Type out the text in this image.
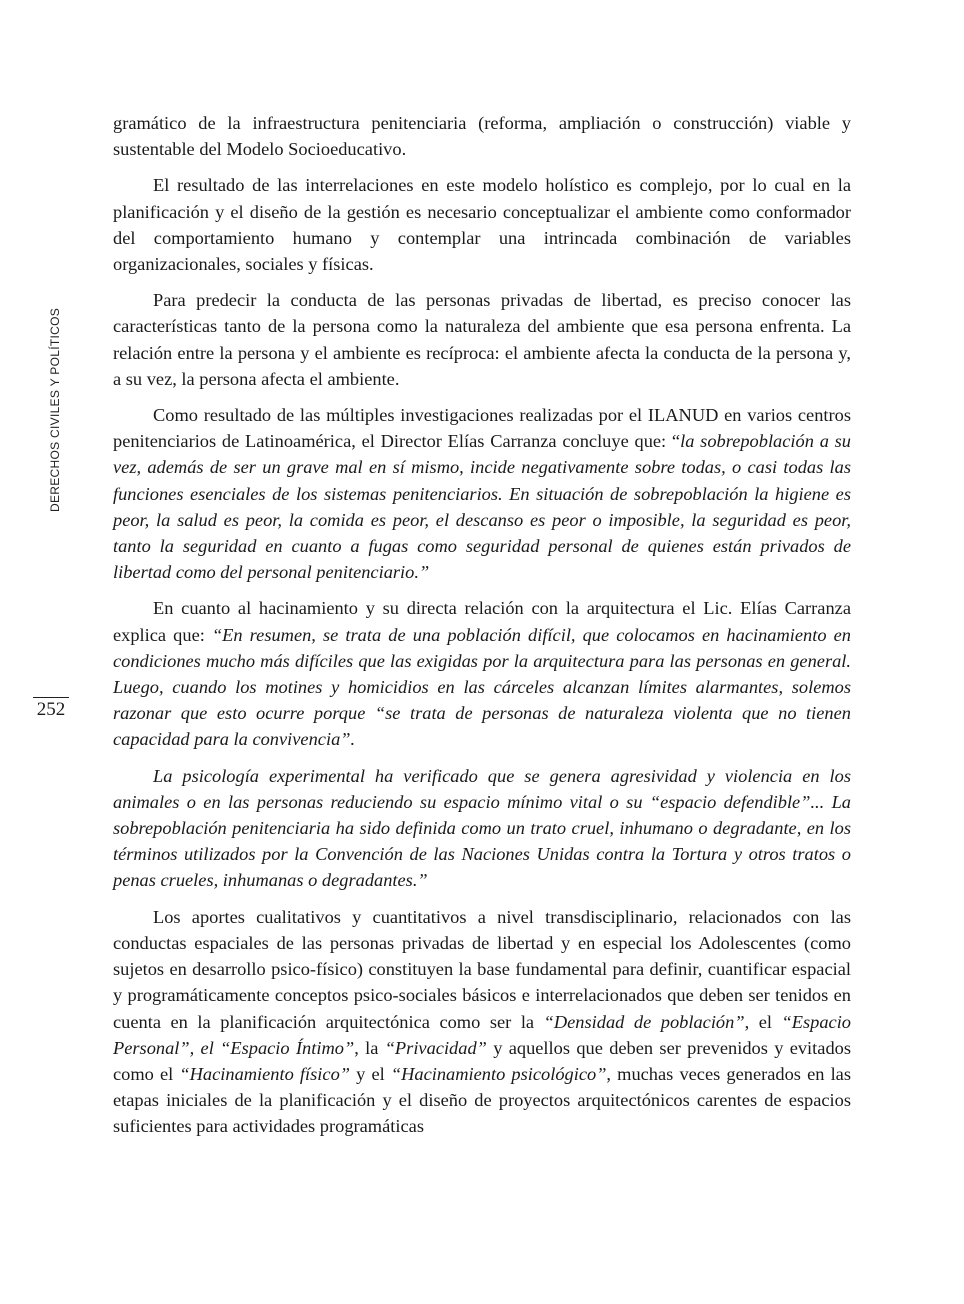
DERECHOS CIVILES Y POLÍTICOS
252

gramático de la infraestructura penitenciaria (reforma, ampliación o construcción) viable y sustentable del Modelo Socioeducativo.

El resultado de las interrelaciones en este modelo holístico es complejo, por lo cual en la planificación y el diseño de la gestión es necesario conceptualizar el ambiente como conformador del comportamiento humano y contemplar una intrincada combinación de variables organizacionales, sociales y físicas.

Para predecir la conducta de las personas privadas de libertad, es preciso conocer las características tanto de la persona como la naturaleza del ambiente que esa persona enfrenta. La relación entre la persona y el ambiente es recíproca: el ambiente afecta la conducta de la persona y, a su vez, la persona afecta el ambiente.

Como resultado de las múltiples investigaciones realizadas por el ILANUD en varios centros penitenciarios de Latinoamérica, el Director Elías Carranza concluye que: “la sobrepoblación a su vez, además de ser un grave mal en sí mismo, incide negativamente sobre todas, o casi todas las funciones esenciales de los sistemas penitenciarios. En situación de sobrepoblación la higiene es peor, la salud es peor, la comida es peor, el descanso es peor o imposible, la seguridad es peor, tanto la seguridad en cuanto a fugas como seguridad personal de quienes están privados de libertad como del personal penitenciario.”

En cuanto al hacinamiento y su directa relación con la arquitectura el Lic. Elías Carranza explica que: “En resumen, se trata de una población difícil, que colocamos en hacinamiento en condiciones mucho más difíciles que las exigidas por la arquitectura para las personas en general. Luego, cuando los motines y homicidios en las cárceles alcanzan límites alarmantes, solemos razonar que esto ocurre porque “se trata de personas de naturaleza violenta que no tienen capacidad para la convivencia”.

La psicología experimental ha verificado que se genera agresividad y violencia en los animales o en las personas reduciendo su espacio mínimo vital o su “espacio defendible”... La sobrepoblación penitenciaria ha sido definida como un trato cruel, inhumano o degradante, en los términos utilizados por la Convención de las Naciones Unidas contra la Tortura y otros tratos o penas crueles, inhumanas o degradantes.”

Los aportes cualitativos y cuantitativos a nivel transdisciplinario, relacionados con las conductas espaciales de las personas privadas de libertad y en especial los Adolescentes (como sujetos en desarrollo psico-físico) constituyen la base fundamental para definir, cuantificar espacial y programáticamente conceptos psico-sociales básicos e interrelacionados que deben ser tenidos en cuenta en la planificación arquitectónica como ser la “Densidad de población”, el “Espacio Personal”, el “Espacio Íntimo”, la “Privacidad” y aquellos que deben ser prevenidos y evitados como el “Hacinamiento físico” y el “Hacinamiento psicológico”, muchas veces generados en las etapas iniciales de la planificación y el diseño de proyectos arquitectónicos carentes de espacios suficientes para actividades programáticas
